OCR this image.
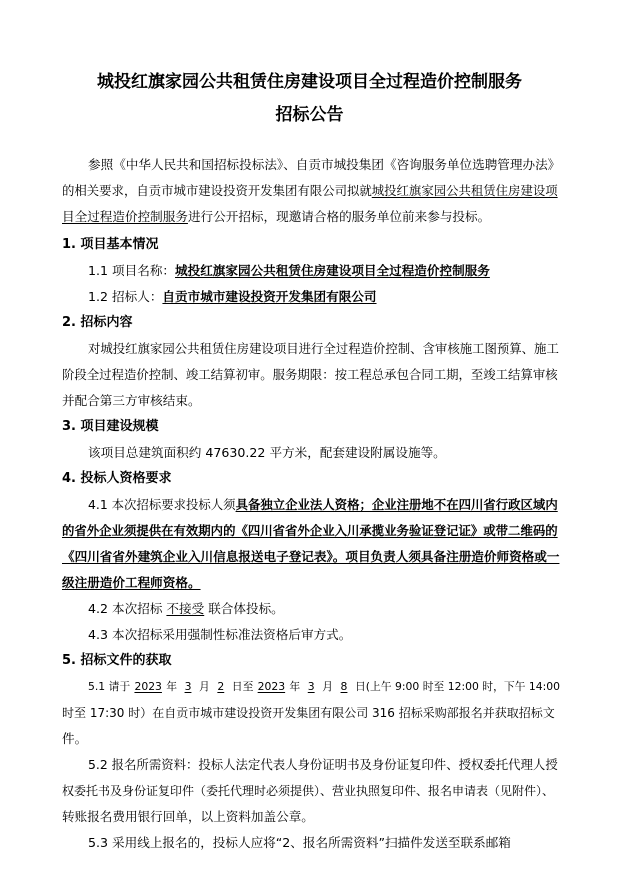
城投红旗家园公共租赁住房建设项目全过程造价控制服务
招标公告
参照《中华人民共和国招标投标法》、自贡市城投集团《咨询服务单位选聘管理办法》
的相关要求，自贡市城市建设投资开发集团有限公司拟就城投红旗家园公共租赁住房建设项
目全过程造价控制服务进行公开招标，现邀请合格的服务单位前来参与投标。
1. 项目基本情况
1.1 项目名称：城投红旗家园公共租赁住房建设项目全过程造价控制服务
1.2 招标人：自贡市城市建设投资开发集团有限公司
2. 招标内容
对城投红旗家园公共租赁住房建设项目进行全过程造价控制、含审核施工图预算、施工
阶段全过程造价控制、竣工结算初审。服务期限：按工程总承包合同工期，至竣工结算审核
并配合第三方审核结束。
3. 项目建设规模
该项目总建筑面积约 47630.22 平方米，配套建设附属设施等。
4. 投标人资格要求
4.1 本次招标要求投标人须具备独立企业法人资格；企业注册地不在四川省行政区域内
的省外企业须提供在有效期内的《四川省省外企业入川承揽业务验证登记证》或带二维码的
《四川省省外建筑企业入川信息报送电子登记表》。项目负责人须具备注册造价师资格或一
级注册造价工程师资格。
4.2 本次招标 不接受 联合体投标。
4.3 本次招标采用强制性标准法资格后审方式。
5. 招标文件的获取
5.1 请于 2023 年 3 月 2 日至 2023 年 3 月 8 日(上午 9:00 时至 12:00 时，下午 14:00
时至 17:30 时）在自贡市城市建设投资开发集团有限公司 316 招标采购部报名并获取招标文
件。
5.2 报名所需资料：投标人法定代表人身份证明书及身份证复印件、授权委托代理人授
权委托书及身份证复印件（委托代理时必须提供）、营业执照复印件、报名申请表（见附件）、
转账报名费用银行回单，以上资料加盖公章。
5.3 采用线上报名的，投标人应将“2、报名所需资料”扫描件发送至联系邮箱
